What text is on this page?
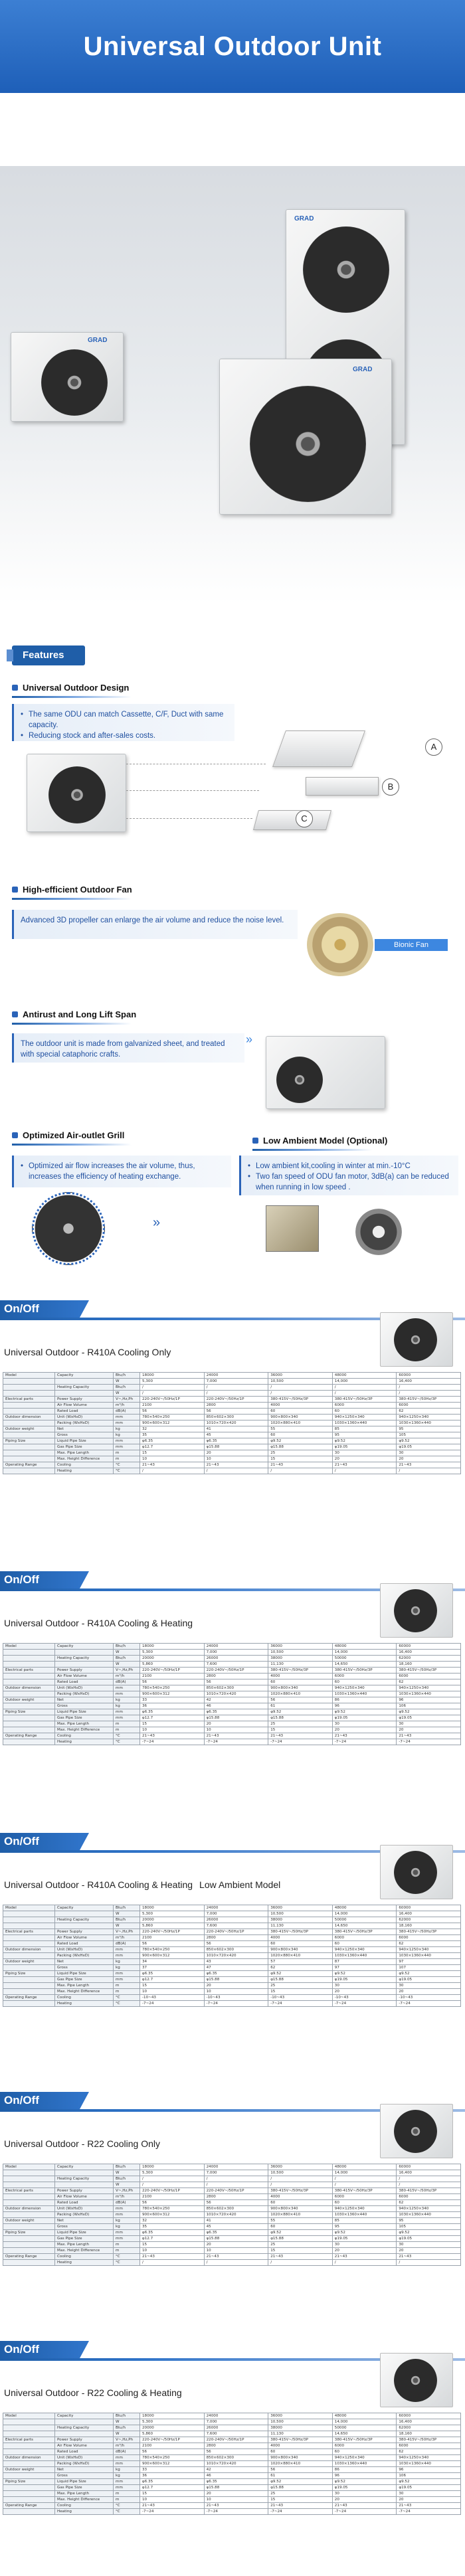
Universal Outdoor Unit
GRAD
GRAD
GRAD
Features
Universal Outdoor Design

• The same ODU can match Cassette, C/F, Duct with same capacity.

• Reducing stock and after-sales costs.

A
B
C
High-efficient Outdoor Fan
Advanced 3D propeller can enlarge the air volume and reduce the noise level.
Bionic Fan
Antirust and Long Lift Span
The outdoor unit is made from galvanized sheet, and treated with special cataphoric crafts.
»
Optimized Air-outlet Grill

• Optimized air flow increases the air volume, thus, increases the efficiency of heating exchange.

»
Low Ambient Model (Optional)

• Low ambient kit,cooling in winter at min.-10°C

• Two fan speed of ODU fan motor, 3dB(a) can be reduced when running in low speed .

On/Off
Universal Outdoor - R410A Cooling Only
Model	Capacity	Btu/h	18000	24000	36000	48000	60000
		W	5,300	7,000	10,500	14,000	16,400
	Heating Capacity	Btu/h	/	/	/	/	/
		W	/	/	/	/	/
Electrical parts	Power Supply	V~,Hz,Ph	220-240V~/50Hz/1P	220-240V~/50Hz/1P	380-415V~/50Hz/3P	380-415V~/50Hz/3P	380-415V~/50Hz/3P
	Air Flow Volume	m³/h	2100	2800	4000	6000	6000
	Rated Load	dB(A)	56	56	60	60	62
Outdoor dimension	Unit (WxHxD)	mm	780×540×250	850×602×300	900×800×340	940×1250×340	940×1250×340
	Packing (WxHxD)	mm	900×600×312	1010×720×420	1020×880×410	1030×1360×440	1030×1360×440
Outdoor weight	Net	kg	32	41	55	85	95
	Gross	kg	35	45	60	95	105
Piping Size	Liquid Pipe Size	mm	φ6.35	φ6.35	φ9.52	φ9.52	φ9.52
	Gas Pipe Size	mm	φ12.7	φ15.88	φ15.88	φ19.05	φ19.05
	Max. Pipe Length	m	15	20	25	30	30
	Max. Height Difference	m	10	10	15	20	20
Operating Range	Cooling	°C	21~43	21~43	21~43	21~43	21~43
	Heating	°C	/	/	/	/	/
On/Off
Universal Outdoor - R410A Cooling & Heating
Model	Capacity	Btu/h	18000	24000	36000	48000	60000
		W	5,300	7,000	10,500	14,000	16,400
	Heating Capacity	Btu/h	20000	26000	38000	50000	62000
		W	5,860	7,600	11,130	14,650	18,160
Electrical parts	Power Supply	V~,Hz,Ph	220-240V~/50Hz/1P	220-240V~/50Hz/1P	380-415V~/50Hz/3P	380-415V~/50Hz/3P	380-415V~/50Hz/3P
	Air Flow Volume	m³/h	2100	2800	4000	6000	6000
	Rated Load	dB(A)	56	56	60	60	62
Outdoor dimension	Unit (WxHxD)	mm	780×540×250	850×602×300	900×800×340	940×1250×340	940×1250×340
	Packing (WxHxD)	mm	900×600×312	1010×720×420	1020×880×410	1030×1360×440	1030×1360×440
Outdoor weight	Net	kg	33	42	56	86	96
	Gross	kg	36	46	61	96	106
Piping Size	Liquid Pipe Size	mm	φ6.35	φ6.35	φ9.52	φ9.52	φ9.52
	Gas Pipe Size	mm	φ12.7	φ15.88	φ15.88	φ19.05	φ19.05
	Max. Pipe Length	m	15	20	25	30	30
	Max. Height Difference	m	10	10	15	20	20
Operating Range	Cooling	°C	21~43	21~43	21~43	21~43	21~43
	Heating	°C	-7~24	-7~24	-7~24	-7~24	-7~24
On/Off
Universal Outdoor - R410A Cooling & Heating Low Ambient Model
Model	Capacity	Btu/h	18000	24000	36000	48000	60000
		W	5,300	7,000	10,500	14,000	16,400
	Heating Capacity	Btu/h	20000	26000	38000	50000	62000
		W	5,860	7,600	11,130	14,650	18,160
Electrical parts	Power Supply	V~,Hz,Ph	220-240V~/50Hz/1P	220-240V~/50Hz/1P	380-415V~/50Hz/3P	380-415V~/50Hz/3P	380-415V~/50Hz/3P
	Air Flow Volume	m³/h	2100	2800	4000	6000	6000
	Rated Load	dB(A)	56	56	60	60	62
Outdoor dimension	Unit (WxHxD)	mm	780×540×250	850×602×300	900×800×340	940×1250×340	940×1250×340
	Packing (WxHxD)	mm	900×600×312	1010×720×420	1020×880×410	1030×1360×440	1030×1360×440
Outdoor weight	Net	kg	34	43	57	87	97
	Gross	kg	37	47	62	97	107
Piping Size	Liquid Pipe Size	mm	φ6.35	φ6.35	φ9.52	φ9.52	φ9.52
	Gas Pipe Size	mm	φ12.7	φ15.88	φ15.88	φ19.05	φ19.05
	Max. Pipe Length	m	15	20	25	30	30
	Max. Height Difference	m	10	10	15	20	20
Operating Range	Cooling	°C	-10~43	-10~43	-10~43	-10~43	-10~43
	Heating	°C	-7~24	-7~24	-7~24	-7~24	-7~24
On/Off
Universal Outdoor - R22 Cooling Only
Model	Capacity	Btu/h	18000	24000	36000	48000	60000
		W	5,300	7,000	10,500	14,000	16,400
	Heating Capacity	Btu/h	/	/	/	/	/
		W	/	/	/	/	/
Electrical parts	Power Supply	V~,Hz,Ph	220-240V~/50Hz/1P	220-240V~/50Hz/1P	380-415V~/50Hz/3P	380-415V~/50Hz/3P	380-415V~/50Hz/3P
	Air Flow Volume	m³/h	2100	2800	4000	6000	6000
	Rated Load	dB(A)	56	56	60	60	62
Outdoor dimension	Unit (WxHxD)	mm	780×540×250	850×602×300	900×800×340	940×1250×340	940×1250×340
	Packing (WxHxD)	mm	900×600×312	1010×720×420	1020×880×410	1030×1360×440	1030×1360×440
Outdoor weight	Net	kg	32	41	55	85	95
	Gross	kg	35	45	60	95	105
Piping Size	Liquid Pipe Size	mm	φ6.35	φ6.35	φ9.52	φ9.52	φ9.52
	Gas Pipe Size	mm	φ12.7	φ15.88	φ15.88	φ19.05	φ19.05
	Max. Pipe Length	m	15	20	25	30	30
	Max. Height Difference	m	10	10	15	20	20
Operating Range	Cooling	°C	21~43	21~43	21~43	21~43	21~43
	Heating	°C	/	/	/	/	/
On/Off
Universal Outdoor - R22 Cooling & Heating
Model	Capacity	Btu/h	18000	24000	36000	48000	60000
		W	5,300	7,000	10,500	14,000	16,400
	Heating Capacity	Btu/h	20000	26000	38000	50000	62000
		W	5,860	7,600	11,130	14,650	18,160
Electrical parts	Power Supply	V~,Hz,Ph	220-240V~/50Hz/1P	220-240V~/50Hz/1P	380-415V~/50Hz/3P	380-415V~/50Hz/3P	380-415V~/50Hz/3P
	Air Flow Volume	m³/h	2100	2800	4000	6000	6000
	Rated Load	dB(A)	56	56	60	60	62
Outdoor dimension	Unit (WxHxD)	mm	780×540×250	850×602×300	900×800×340	940×1250×340	940×1250×340
	Packing (WxHxD)	mm	900×600×312	1010×720×420	1020×880×410	1030×1360×440	1030×1360×440
Outdoor weight	Net	kg	33	42	56	86	96
	Gross	kg	36	46	61	96	106
Piping Size	Liquid Pipe Size	mm	φ6.35	φ6.35	φ9.52	φ9.52	φ9.52
	Gas Pipe Size	mm	φ12.7	φ15.88	φ15.88	φ19.05	φ19.05
	Max. Pipe Length	m	15	20	25	30	30
	Max. Height Difference	m	10	10	15	20	20
Operating Range	Cooling	°C	21~43	21~43	21~43	21~43	21~43
	Heating	°C	-7~24	-7~24	-7~24	-7~24	-7~24
